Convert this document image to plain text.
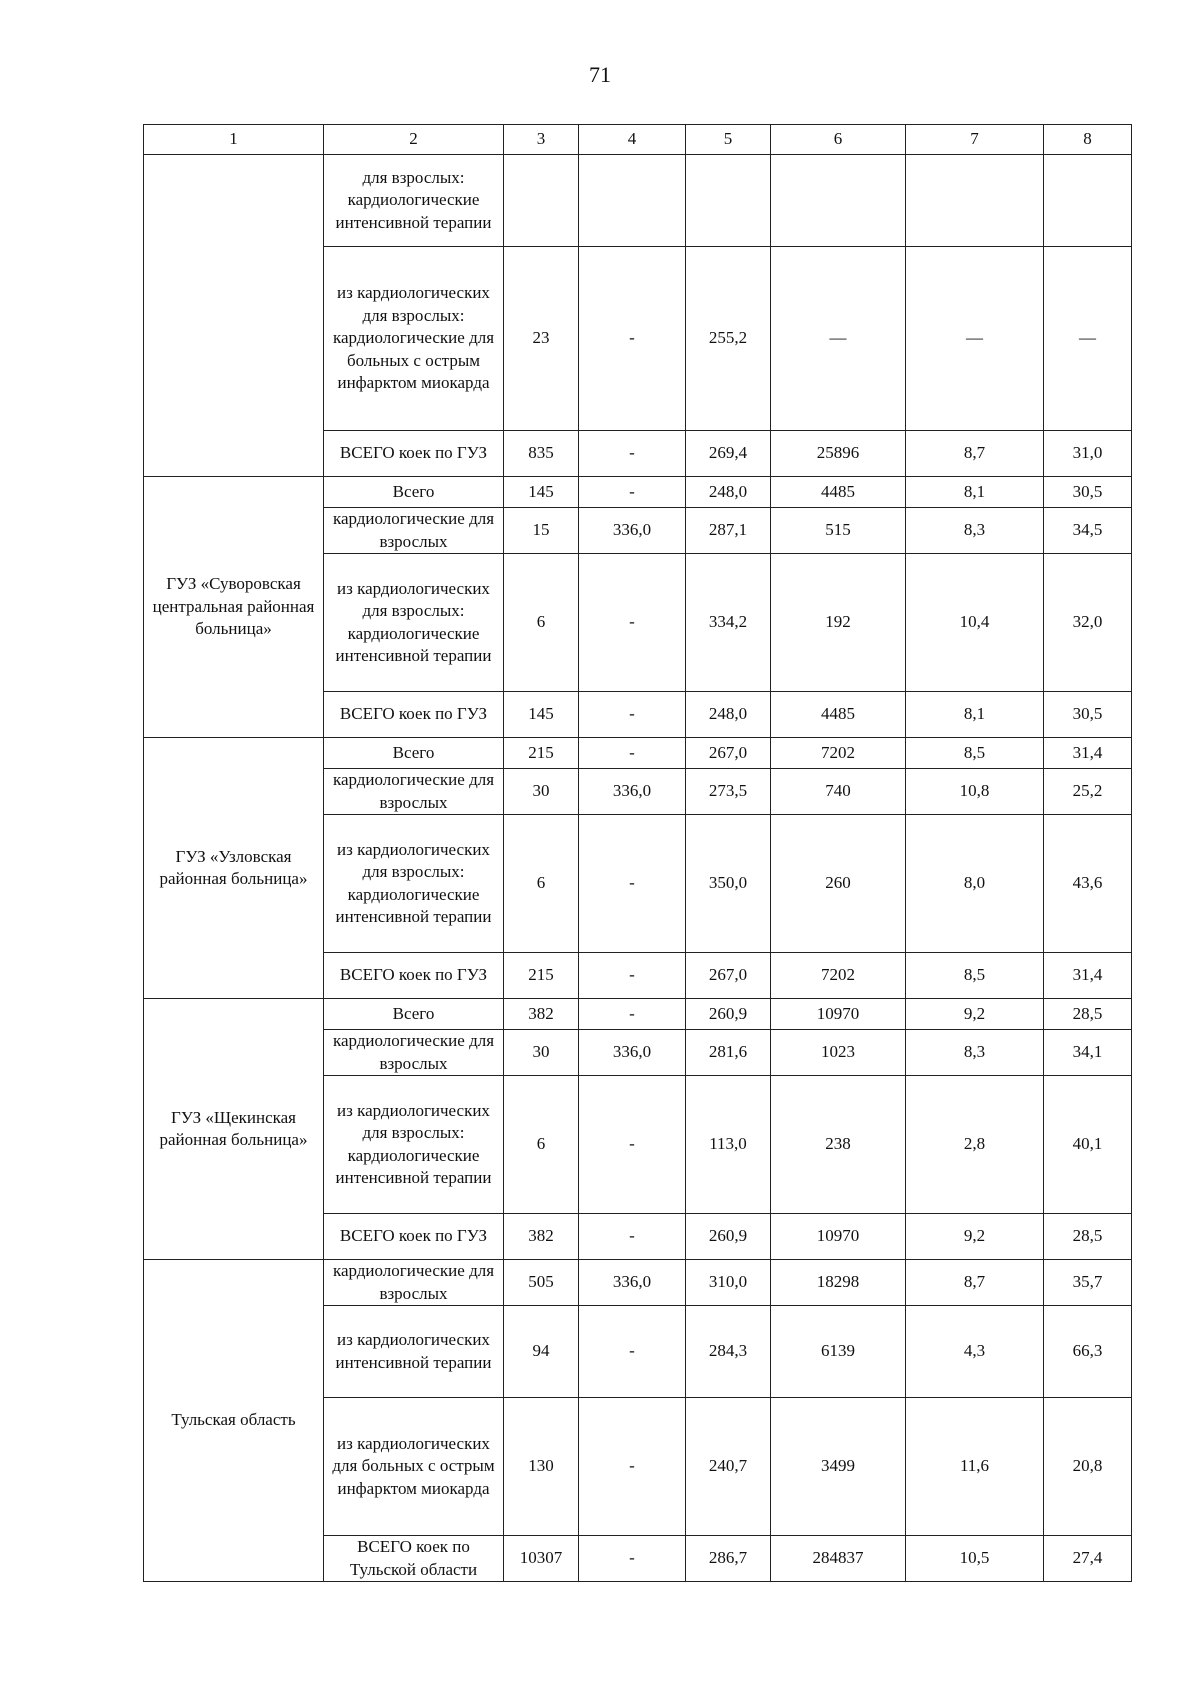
71
1	2	3	4	5	6	7	8
	для взрослых: кардиологические интенсивной терапии						
	из кардиологических для взрослых: кардиологические для больных с острым инфарктом миокарда	23	-	255,2	—	—	—
	ВСЕГО коек по ГУЗ	835	-	269,4	25896	8,7	31,0
ГУЗ «Суворовская центральная районная больница»	Всего	145	-	248,0	4485	8,1	30,5
	кардиологические для взрослых	15	336,0	287,1	515	8,3	34,5
	из кардиологических для взрослых: кардиологические интенсивной терапии	6	-	334,2	192	10,4	32,0
	ВСЕГО коек по ГУЗ	145	-	248,0	4485	8,1	30,5
ГУЗ «Узловская районная больница»	Всего	215	-	267,0	7202	8,5	31,4
	кардиологические для взрослых	30	336,0	273,5	740	10,8	25,2
	из кардиологических для взрослых: кардиологические интенсивной терапии	6	-	350,0	260	8,0	43,6
	ВСЕГО коек по ГУЗ	215	-	267,0	7202	8,5	31,4
ГУЗ «Щекинская районная больница»	Всего	382	-	260,9	10970	9,2	28,5
	кардиологические для взрослых	30	336,0	281,6	1023	8,3	34,1
	из кардиологических для взрослых: кардиологические интенсивной терапии	6	-	113,0	238	2,8	40,1
	ВСЕГО коек по ГУЗ	382	-	260,9	10970	9,2	28,5
Тульская область	кардиологические для взрослых	505	336,0	310,0	18298	8,7	35,7
	из кардиологических интенсивной терапии	94	-	284,3	6139	4,3	66,3
	из кардиологических для больных с острым инфарктом миокарда	130	-	240,7	3499	11,6	20,8
	ВСЕГО коек по Тульской области	10307	-	286,7	284837	10,5	27,4
